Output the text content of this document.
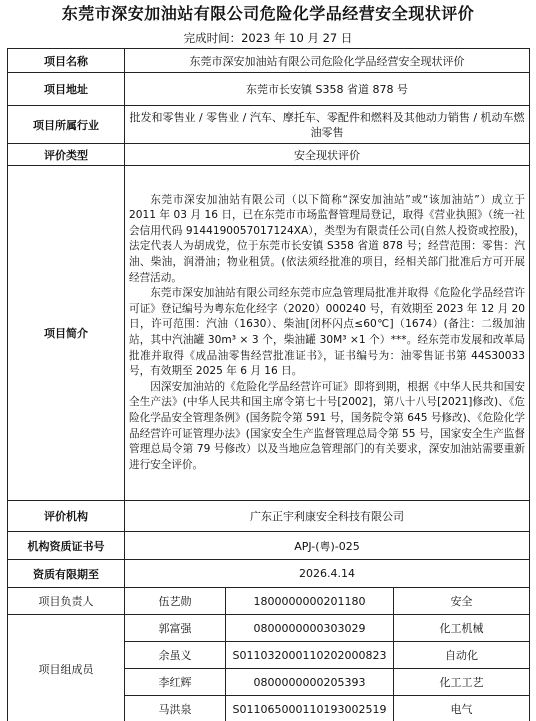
东莞市深安加油站有限公司危险化学品经营安全现状评价
完成时间：2023 年 10 月 27 日
项目名称	东莞市深安加油站有限公司危险化学品经营安全现状评价		
项目地址	东莞市长安镇 S358 省道 878 号		
项目所属行业	批发和零售业 / 零售业 / 汽车、摩托车、零配件和燃料及其他动力销售 / 机动车燃油零售		
评价类型	安全现状评价		
项目简介	东莞市深安加油站有限公司（以下简称“深安加油站”或“该加油站”）成立于 2011 年 03 月 16 日，已在东莞市市场监督管理局登记，取得《营业执照》（统一社会信用代码 9144190057017124XA），类型为有限责任公司(自然人投资或控股)，法定代表人为胡成党，位于东莞市长安镇 S358 省道 878 号；经营范围：零售：汽油、柴油，润滑油；物业租赁。(依法须经批准的项目，经相关部门批准后方可开展经营活动。

东莞市深安加油站有限公司经东莞市应急管理局批准并取得《危险化学品经营许可证》登记编号为粤东危化经字（2020）000240 号，有效期至 2023 年 12 月 20 日，许可范围：汽油（1630）、柴油[闭杯闪点≤60℃]（1674）(备注：二级加油站，其中汽油罐 30m³ × 3 个，柴油罐 30M³ ×1 个）***。经东莞市发展和改革局批准并取得《成品油零售经营批准证书》，证书编号为：油零售证书第 44S30033 号，有效期至 2025 年 6 月 16 日。

因深安加油站的《危险化学品经营许可证》即将到期，根据《中华人民共和国安全生产法》(中华人民共和国主席令第七十号[2002]，第八十八号[2021]修改)、《危险化学品安全管理条例》(国务院令第 591 号，国务院令第 645 号修改)、《危险化学品经营许可证管理办法》(国家安全生产监督管理总局令第 55 号，国家安全生产监督管理总局令第 79 号修改）以及当地应急管理部门的有关要求，深安加油站需要重新进行安全评价。		

评价机构	广东正宇利康安全科技有限公司		
机构资质证书号	APJ-(粤)-025		
资质有限期至	2026.4.14		
项目负责人	伍艺勋	1800000000201180	安全
项目组成员	郭富强	0800000000303029	化工机械
	余虽义	S011032000110202000823	自动化
	李红辉	0800000000205393	化工工艺
	马洪泉	S011065000110193002519	电气
